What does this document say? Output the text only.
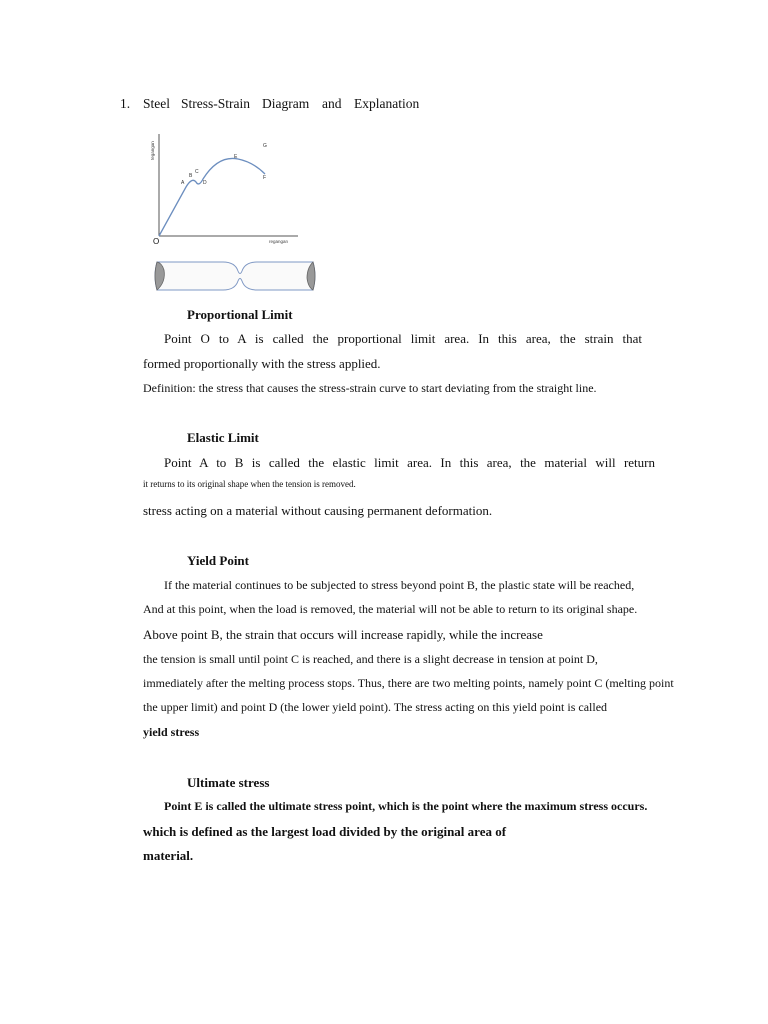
1. Steel Stress-Strain Diagram and Explanation
tegangan
regangan
O
A
B
C
D
E
F
G
Proportional Limit
Point O to A is called the proportional limit area. In this area, the strain that
formed proportionally with the stress applied.
Definition: the stress that causes the stress-strain curve to start deviating from the straight line.
Elastic Limit
Point A to B is called the elastic limit area. In this area, the material will return
it returns to its original shape when the tension is removed.
stress acting on a material without causing permanent deformation.
Yield Point
If the material continues to be subjected to stress beyond point B, the plastic state will be reached,
And at this point, when the load is removed, the material will not be able to return to its original shape.
Above point B, the strain that occurs will increase rapidly, while the increase
the tension is small until point C is reached, and there is a slight decrease in tension at point D,
immediately after the melting process stops. Thus, there are two melting points, namely point C (melting point
the upper limit) and point D (the lower yield point). The stress acting on this yield point is called
yield stress
Ultimate stress
Point E is called the ultimate stress point, which is the point where the maximum stress occurs.
which is defined as the largest load divided by the original area of
material.
